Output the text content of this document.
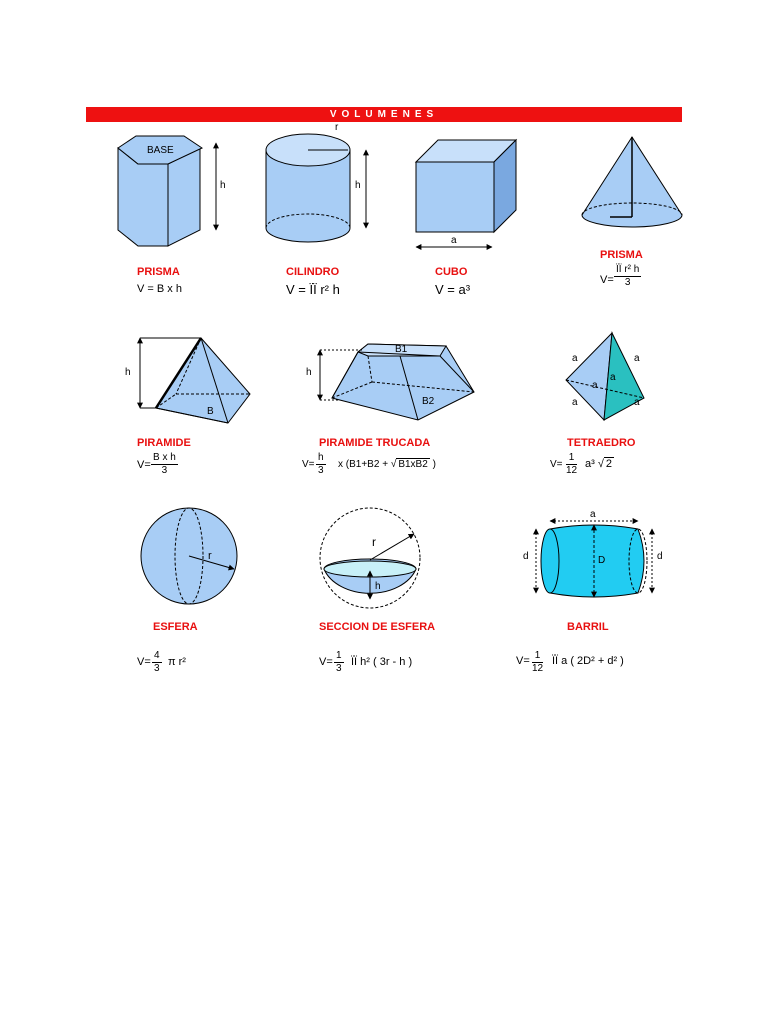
VOLUMENES
BASE
h
r
h
a
h
B
h
B1
B2
a	a
a
a
a	a
r
r
h
a
d	d
D
PRISMA
V = B x h
CILINDRO
V = ÏÏ r² h
CUBO
V = a³
PRISMA
$V= \frac{\text{ÏÏ r² h}}{3}$
PIRAMIDE
$V= \frac{\text{B x h}}{3}$
PIRAMIDE TRUCADA
$V= \frac{h}{3}$ x (B1+B2 + √ B1xB2 )
TETRAEDRO
$V= \frac{1}{12} a^3$ √ 2
ESFERA
$V= \frac{4}{3}$ π r²
SECCION DE ESFERA
$V= \frac{1}{3}$ ÏÏ h² ( 3r - h )
BARRIL
$V= \frac{1}{12}$ ÏÏ a ( 2D² + d² )
